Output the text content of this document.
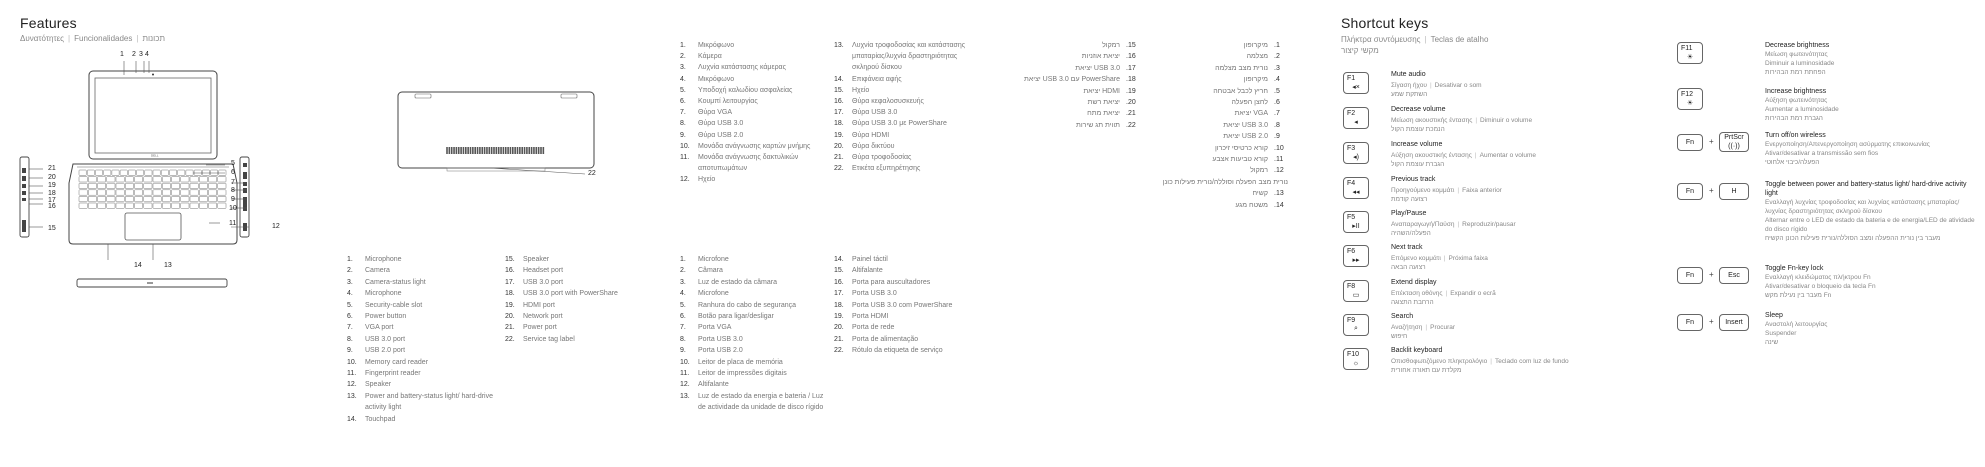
Features
Δυνατότητες | Funcionalidades | תכונות
DELL
1 2 3 4
21
20
19
18
17
16
15
5
6
7
8
9
10
11	12
14	13
22
1.	Microphone
2.	Camera
3.	Camera-status light
4.	Microphone
5.	Security-cable slot
6.	Power button
7.	VGA port
8.	USB 3.0 port
9.	USB 2.0 port
10.	Memory card reader
11.	Fingerprint reader
12.	Speaker
13.	Power and battery-status light/ hard-drive activity light
14.	Touchpad
15.	Speaker
16.	Headset port
17.	USB 3.0 port
18.	USB 3.0 port with PowerShare
19.	HDMI port
20.	Network port
21.	Power port
22.	Service tag label
1.	Μικρόφωνο
2.	Κάμερα
3.	Λυχνία κατάστασης κάμερας
4.	Μικρόφωνο
5.	Υποδοχή καλωδίου ασφαλείας
6.	Κουμπί λειτουργίας
7.	Θύρα VGA
8.	Θύρα USB 3.0
9.	Θύρα USB 2.0
10.	Μονάδα ανάγνωσης καρτών μνήμης
11.	Μονάδα ανάγνωσης δακτυλικών αποτυπωμάτων
12.	Ηχείο
13.	Λυχνία τροφοδοσίας και κατάστασης μπαταρίας/λυχνία δραστηριότητας σκληρού δίσκου
14.	Επιφάνεια αφής
15.	Ηχείο
16.	Θύρα κεφαλοσυσκευής
17.	Θύρα USB 3.0
18.	Θύρα USB 3.0 με PowerShare
19.	Θύρα HDMI
20.	Θύρα δικτύου
21.	Θύρα τροφοδοσίας
22.	Ετικέτα εξυπηρέτησης
1.	Microfone
2.	Câmara
3.	Luz de estado da câmara
4.	Microfone
5.	Ranhura do cabo de segurança
6.	Botão para ligar/desligar
7.	Porta VGA
8.	Porta USB 3.0
9.	Porta USB 2.0
10.	Leitor de placa de memória
11.	Leitor de impressões digitais
12.	Altifalante
13.	Luz de estado da energia e bateria / Luz de actividade da unidade de disco rígido
14.	Painel táctil
15.	Altifalante
16.	Porta para auscultadores
17.	Porta USB 3.0
18.	Porta USB 3.0 com PowerShare
19.	Porta HDMI
20.	Porta de rede
21.	Porta de alimentação
22.	Rótulo da etiqueta de serviço
רמקול .15
יציאת אוזניות .16
יציאת USB 3.0 .17
יציאת USB 3.0 עם PowerShare .18
יציאת HDMI .19
יציאת רשת .20
יציאת מתח .21
תווית תג שירות .22
מיקרופון .1
מצלמה .2
נורית מצב מצלמה .3
מיקרופון .4
חריץ לכבל אבטחה .5
לחצן הפעלה .6
יציאת VGA .7
יציאת USB 3.0 .8
יציאת USB 2.0 .9
קורא כרטיסי זיכרון .10
קורא טביעות אצבע .11
רמקול .12
נורית מצב הפעלה וסוללה/נורית פעילות כונן קשיח .13
משטח מגע .14
Shortcut keys
Πλήκτρα συντόμευσης | Teclas de atalho
מקשי קיצור
F1
◂×
Mute audio
Σίγαση ήχου | Desativar o som
השתקת שמע
F2
◂
Decrease volume
Μείωση ακουστικής έντασης | Diminuir o volume
הנמכת עוצמת הקול
F3
◂)
Increase volume
Αύξηση ακουστικής έντασης | Aumentar o volume
הגברת עוצמת הקול
F4
◂◂
Previous track
Προηγούμενο κομμάτι | Faixa anterior
רצועה קודמת
F5
▸II
Play/Pause
Αναπαραγωγή/Παύση | Reproduzir/pausar
הפעלה/השהיה
F6
▸▸
Next track
Επόμενο κομμάτι | Próxima faixa
רצועה הבאה
F8
▭
Extend display
Επέκταση οθόνης | Expandir o ecrã
הרחבת התצוגה
F9
⌕
Search
Αναζήτηση | Procurar
חיפוש
F10
☼
Backlit keyboard
Οπισθοφωτιζόμενο πληκτρολόγιο | Teclado com luz de fundo
מקלדת עם תאורה אחורית
F11
☀
Decrease brightness
Μείωση φωτεινότητας
Diminuir a luminosidade
הפחתת רמת הבהירות
F12
☀
Increase brightness
Αύξηση φωτεινότητας
Aumentar a luminosidade
הגברת רמת הבהירות
Fn	+	PrtScr
((·))
Turn off/on wireless
Ενεργοποίηση/Απενεργοποίηση ασύρματης επικοινωνίας
Ativar/desativar a transmissão sem fios
הפעלה/כיבוי אלחוטי
Fn	+	H
Toggle between power and battery-status light/ hard-drive activity light
Εναλλαγή λυχνίας τροφοδοσίας και λυχνίας κατάστασης μπαταρίας/λυχνίας δραστηριότητας σκληρού δίσκου
Alternar entre o LED de estado da bateria e de energia/LED de atividade do disco rígido
מעבר בין נורית ההפעלה ומצב הסוללה/נורית פעילות הכונן הקשיח
Fn	+	Esc
Toggle Fn-key lock
Εναλλαγή κλειδώματος πλήκτρου Fn
Ativar/desativar o bloqueio da tecla Fn
מעבר בין נעילת מקש Fn
Fn	+	Insert
Sleep
Αναστολή λειτουργίας
Suspender
שינה
